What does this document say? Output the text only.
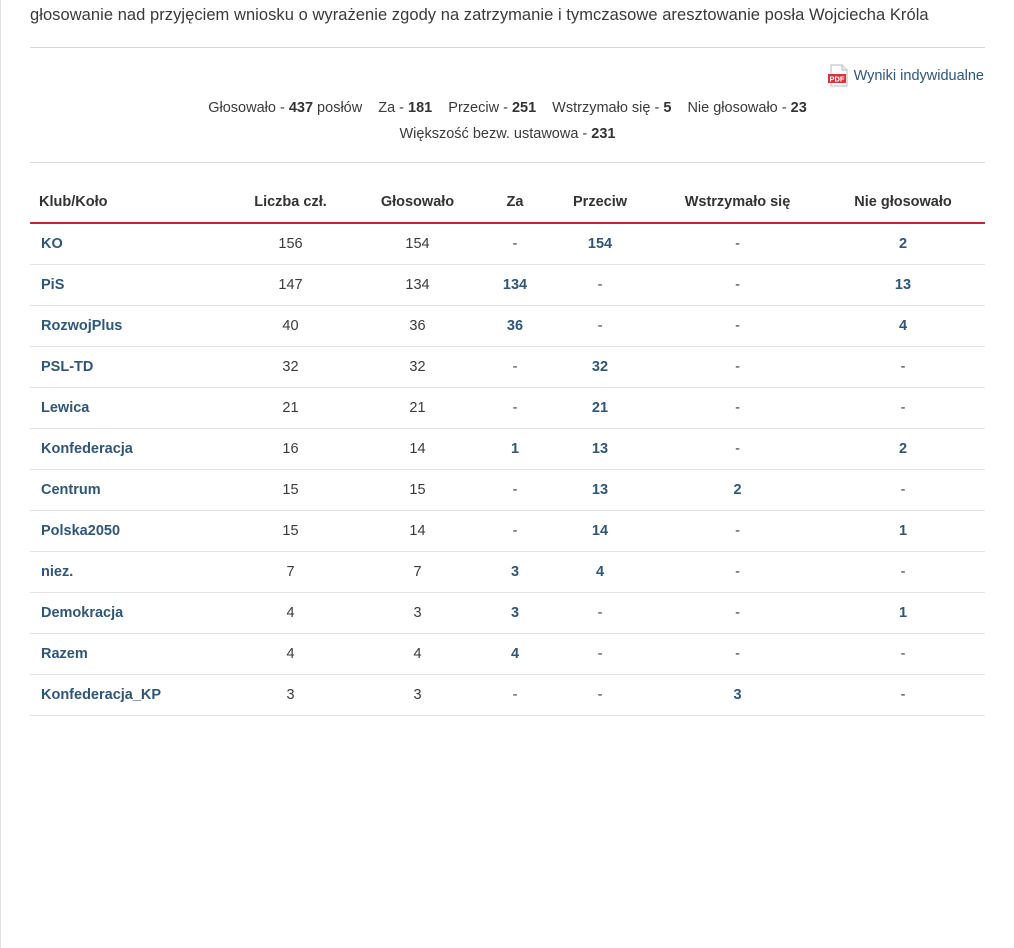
głosowanie nad przyjęciem wniosku o wyrażenie zgody na zatrzymanie i tymczasowe aresztowanie posła Wojciecha Króla
PDF Wyniki indywidualne
Głosowało - 437 posłów Za - 181 Przeciw - 251 Wstrzymało się - 5 Nie głosowało - 23
Większość bezw. ustawowa - 231
Klub/Koło	Liczba czł.	Głosowało	Za	Przeciw	Wstrzymało się	Nie głosowało
KO	156	154	-	154	-	2
PiS	147	134	134	-	-	13
RozwojPlus	40	36	36	-	-	4
PSL-TD	32	32	-	32	-	-
Lewica	21	21	-	21	-	-
Konfederacja	16	14	1	13	-	2
Centrum	15	15	-	13	2	-
Polska2050	15	14	-	14	-	1
niez.	7	7	3	4	-	-
Demokracja	4	3	3	-	-	1
Razem	4	4	4	-	-	-
Konfederacja_KP	3	3	-	-	3	-
